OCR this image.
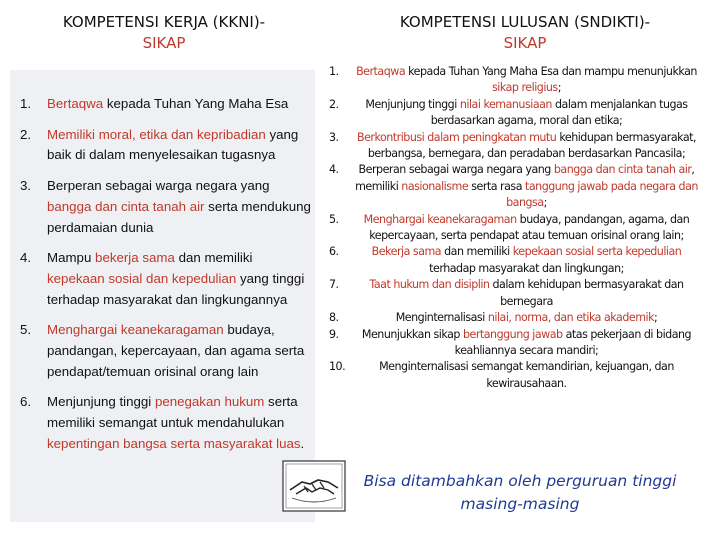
KOMPETENSI KERJA (KKNI)-
SIKAP
KOMPETENSI LULUSAN (SNDIKTI)-
SIKAP
1. Bertaqwa kepada Tuhan Yang Maha Esa
2. Memiliki moral, etika dan kepribadian yang baik di dalam menyelesaikan tugasnya
3. Berperan sebagai warga negara yang bangga dan cinta tanah air serta mendukung perdamaian dunia
4. Mampu bekerja sama dan memiliki kepekaan sosial dan kepedulian yang tinggi terhadap masyarakat dan lingkungannya
5. Menghargai keanekaragaman budaya, pandangan, kepercayaan, dan agama serta pendapat/temuan orisinal orang lain
6. Menjunjung tinggi penegakan hukum serta memiliki semangat untuk mendahulukan kepentingan bangsa serta masyarakat luas.
1. Bertaqwa kepada Tuhan Yang Maha Esa dan mampu menunjukkan sikap religius;
2. Menjunjung tinggi nilai kemanusiaan dalam menjalankan tugas berdasarkan agama, moral dan etika;
3. Berkontribusi dalam peningkatan mutu kehidupan bermasyarakat, berbangsa, bernegara, dan peradaban berdasarkan Pancasila;
4. Berperan sebagai warga negara yang bangga dan cinta tanah air, memiliki nasionalisme serta rasa tanggung jawab pada negara dan bangsa;
5. Menghargai keanekaragaman budaya, pandangan, agama, dan kepercayaan, serta pendapat atau temuan orisinal orang lain;
6.	Bekerja sama dan memiliki kepekaan sosial serta kepedulian terhadap masyarakat dan lingkungan;
7.	Taat hukum dan disiplin dalam kehidupan bermasyarakat dan bernegara
8.	Menginternalisasi nilai, norma, dan etika akademik;
9. Menunjukkan sikap bertanggung jawab atas pekerjaan di bidang keahliannya secara mandiri;
10.	Menginternalisasi semangat kemandirian, kejuangan, dan kewirausahaan.
Bisa ditambahkan oleh perguruan tinggi masing-masing
